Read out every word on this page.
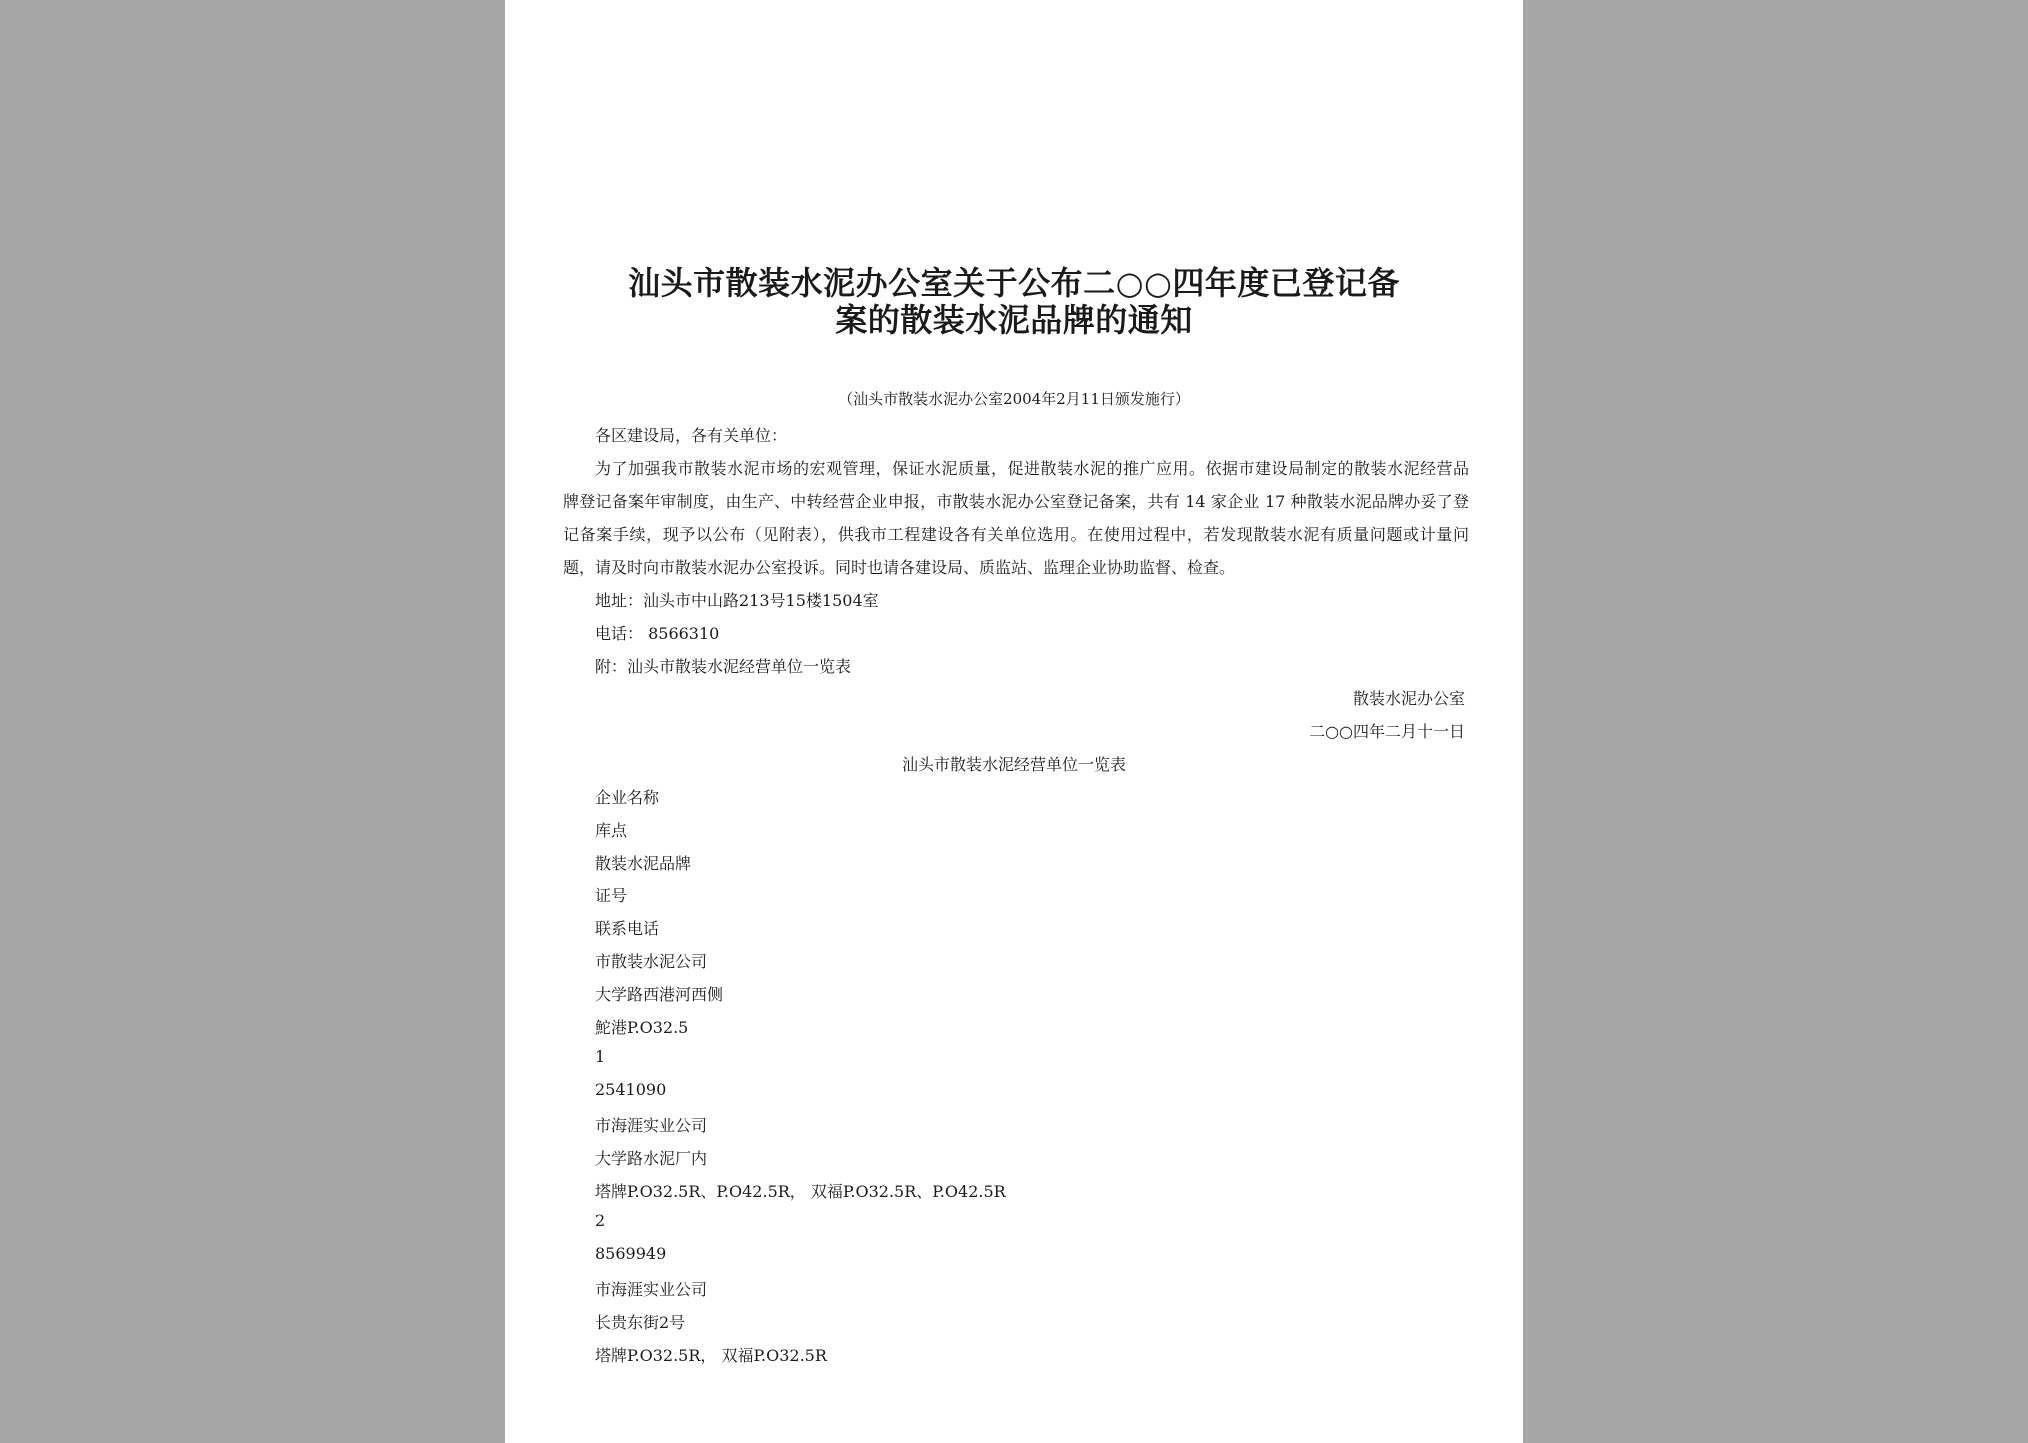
汕头市散装水泥办公室关于公布二○○四年度已登记备
案的散装水泥品牌的通知
（汕头市散装水泥办公室2004年2月11日颁发施行）
各区建设局，各有关单位：
为了加强我市散装水泥市场的宏观管理，保证水泥质量，促进散装水泥的推广应用。依据市建设局制定的散装水泥经营品
牌登记备案年审制度，由生产、中转经营企业申报，市散装水泥办公室登记备案，共有 14 家企业 17 种散装水泥品牌办妥了登
记备案手续，现予以公布（见附表），供我市工程建设各有关单位选用。在使用过程中，若发现散装水泥有质量问题或计量问
题，请及时向市散装水泥办公室投诉。同时也请各建设局、质监站、监理企业协助监督、检查。
地址：汕头市中山路213号15楼1504室
电话： 8566310
附：汕头市散装水泥经营单位一览表
散装水泥办公室
二○○四年二月十一日
汕头市散装水泥经营单位一览表
企业名称
库点
散装水泥品牌
证号
联系电话
市散装水泥公司
大学路西港河西侧
鮀港P.O32.5
1
2541090
市海涯实业公司
大学路水泥厂内
塔牌P.O32.5R、P.O42.5R， 双福P.O32.5R、P.O42.5R
2
8569949
市海涯实业公司
长贵东街2号
塔牌P.O32.5R， 双福P.O32.5R
